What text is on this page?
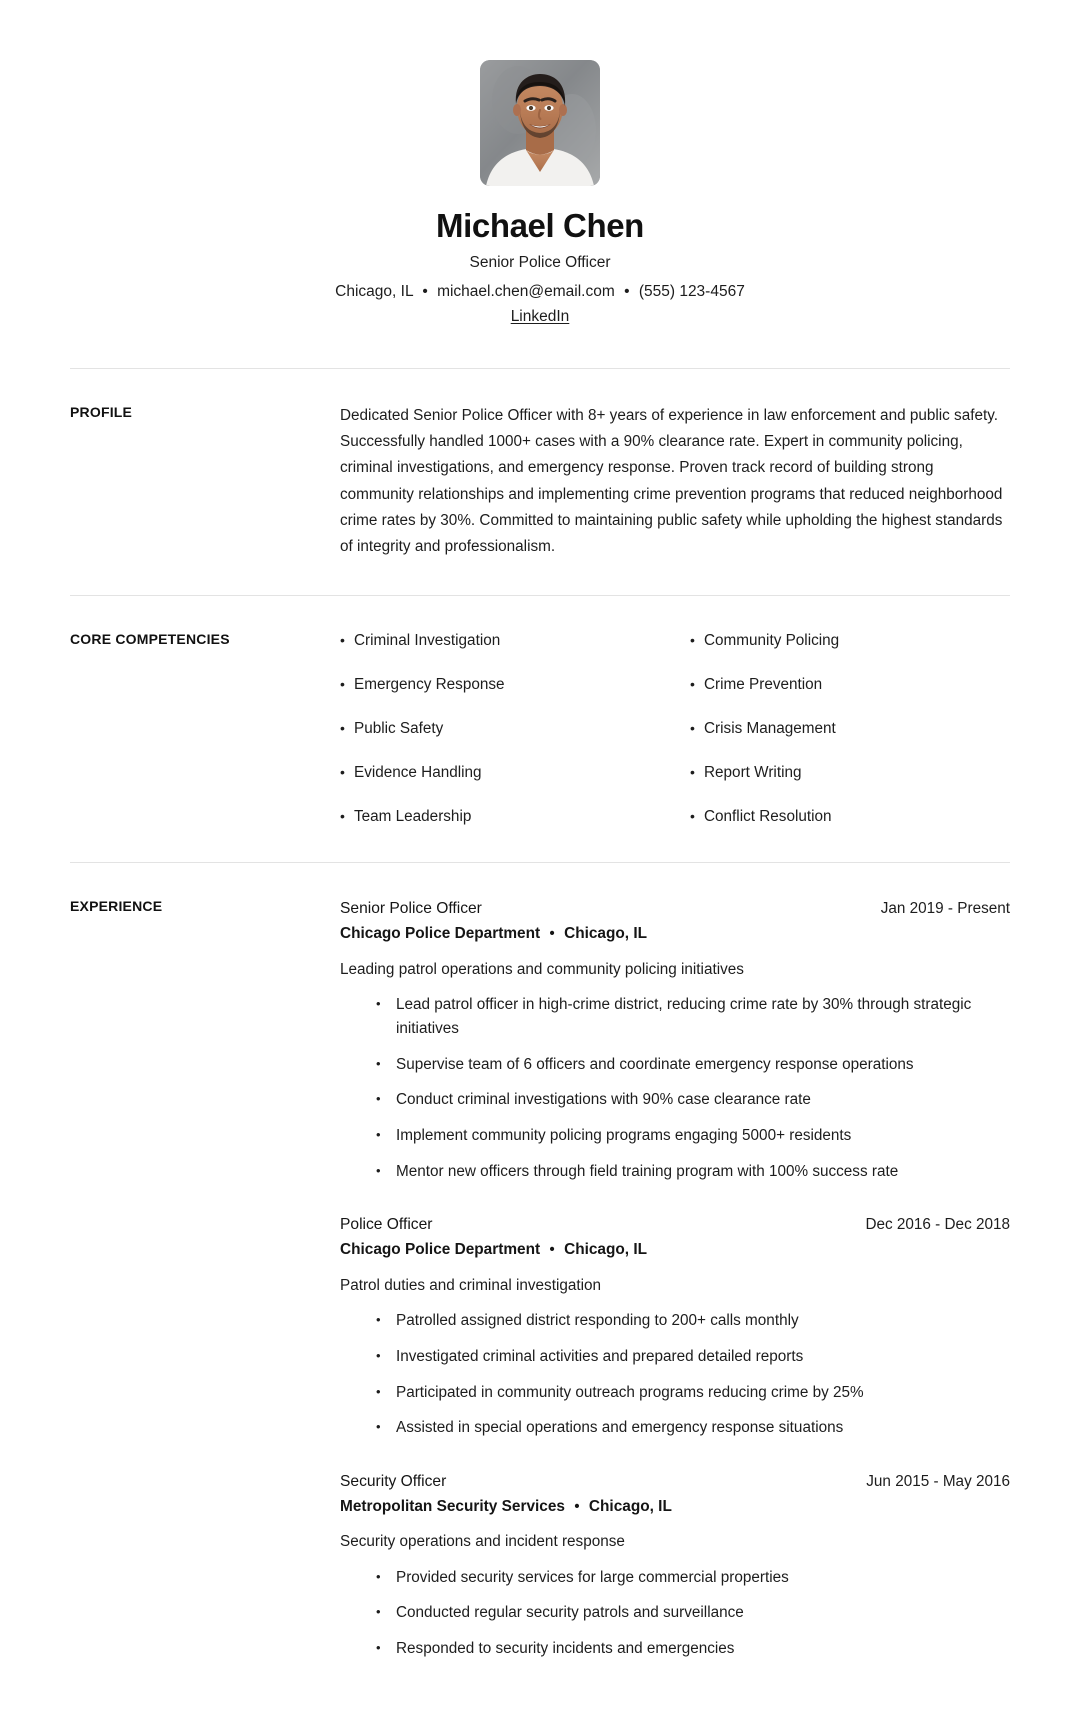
Michael Chen
Senior Police Officer
Chicago, IL • michael.chen@email.com • (555) 123-4567
LinkedIn
PROFILE	Dedicated Senior Police Officer with 8+ years of experience in law enforcement and public safety. Successfully handled 1000+ cases with a 90% clearance rate. Expert in community policing, criminal investigations, and emergency response. Proven track record of building strong community relationships and implementing crime prevention programs that reduced neighborhood crime rates by 30%. Committed to maintaining public safety while upholding the highest standards of integrity and professionalism.
CORE COMPETENCIES	• Criminal Investigation	• Community Policing
• Emergency Response	• Crime Prevention
• Public Safety	• Crisis Management
• Evidence Handling	• Report Writing
• Team Leadership	• Conflict Resolution
EXPERIENCE	Senior Police Officer	Jan 2019 - Present
Chicago Police Department • Chicago, IL
Leading patrol operations and community policing initiatives
•	Lead patrol officer in high-crime district, reducing crime rate by 30% through strategic initiatives
•	Supervise team of 6 officers and coordinate emergency response operations
•	Conduct criminal investigations with 90% case clearance rate
•	Implement community policing programs engaging 5000+ residents
•	Mentor new officers through field training program with 100% success rate
Police Officer	Dec 2016 - Dec 2018
Chicago Police Department • Chicago, IL
Patrol duties and criminal investigation
•	Patrolled assigned district responding to 200+ calls monthly
•	Investigated criminal activities and prepared detailed reports
•	Participated in community outreach programs reducing crime by 25%
•	Assisted in special operations and emergency response situations
Security Officer	Jun 2015 - May 2016
Metropolitan Security Services • Chicago, IL
Security operations and incident response
•	Provided security services for large commercial properties
•	Conducted regular security patrols and surveillance
•	Responded to security incidents and emergencies
